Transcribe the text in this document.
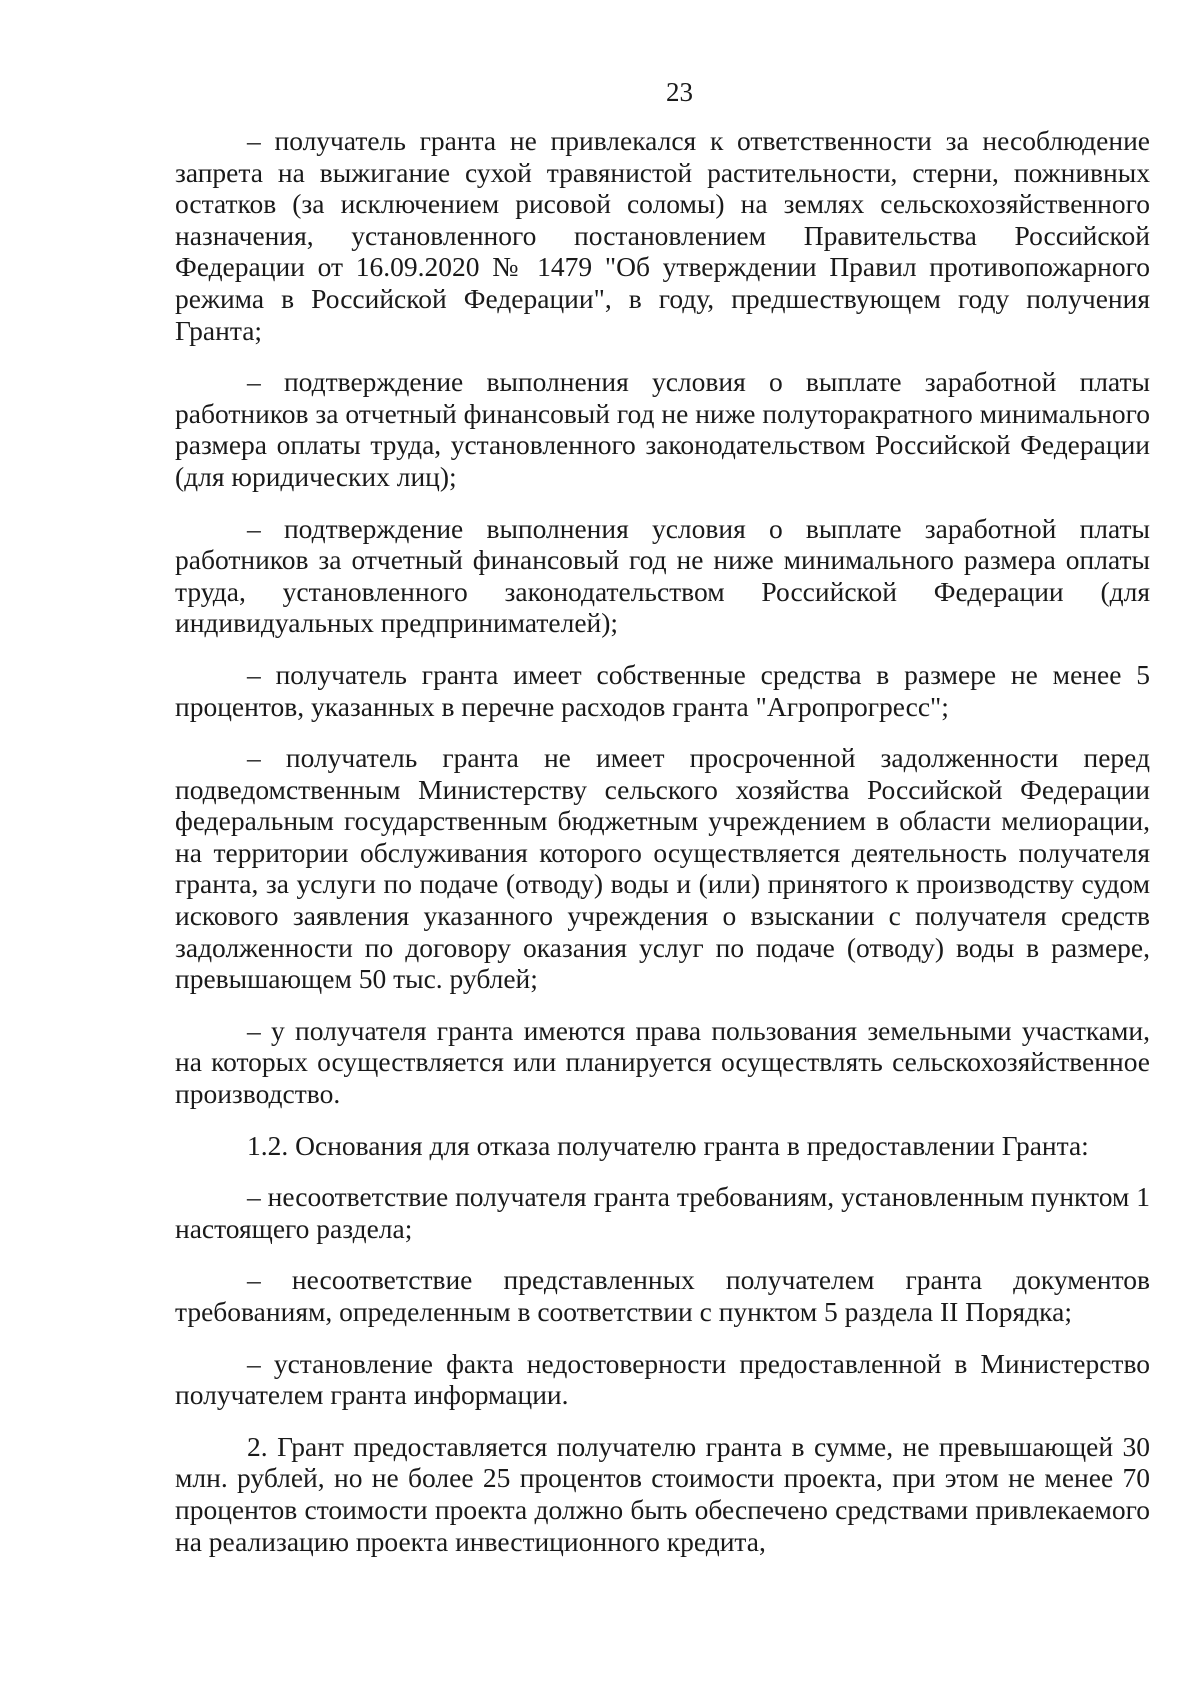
23

– получатель гранта не привлекался к ответственности за несоблюдение запрета на выжигание сухой травянистой растительности, стерни, пожнивных остатков (за исключением рисовой соломы) на землях сельскохозяйственного назначения, установленного постановлением Правительства Российской Федерации от 16.09.2020 № 1479 "Об утверждении Правил противопожарного режима в Российской Федерации", в году, предшествующем году получения Гранта;

– подтверждение выполнения условия о выплате заработной платы работников за отчетный финансовый год не ниже полуторакратного минимального размера оплаты труда, установленного законодательством Российской Федерации (для юридических лиц);

– подтверждение выполнения условия о выплате заработной платы работников за отчетный финансовый год не ниже минимального размера оплаты труда, установленного законодательством Российской Федерации (для индивидуальных предпринимателей);

– получатель гранта имеет собственные средства в размере не менее 5 процентов, указанных в перечне расходов гранта "Агропрогресс";

– получатель гранта не имеет просроченной задолженности перед подведомственным Министерству сельского хозяйства Российской Федерации федеральным государственным бюджетным учреждением в области мелиорации, на территории обслуживания которого осуществляется деятельность получателя гранта, за услуги по подаче (отводу) воды и (или) принятого к производству судом искового заявления указанного учреждения о взыскании с получателя средств задолженности по договору оказания услуг по подаче (отводу) воды в размере, превышающем 50 тыс. рублей;

– у получателя гранта имеются права пользования земельными участками, на которых осуществляется или планируется осуществлять сельскохозяйственное производство.

1.2. Основания для отказа получателю гранта в предоставлении Гранта:

– несоответствие получателя гранта требованиям, установленным пунктом 1 настоящего раздела;

– несоответствие представленных получателем гранта документов требованиям, определенным в соответствии с пунктом 5 раздела II Порядка;

– установление факта недостоверности предоставленной в Министерство получателем гранта информации.

2. Грант предоставляется получателю гранта в сумме, не превышающей 30 млн. рублей, но не более 25 процентов стоимости проекта, при этом не менее 70 процентов стоимости проекта должно быть обеспечено средствами привлекаемого на реализацию проекта инвестиционного кредита,
